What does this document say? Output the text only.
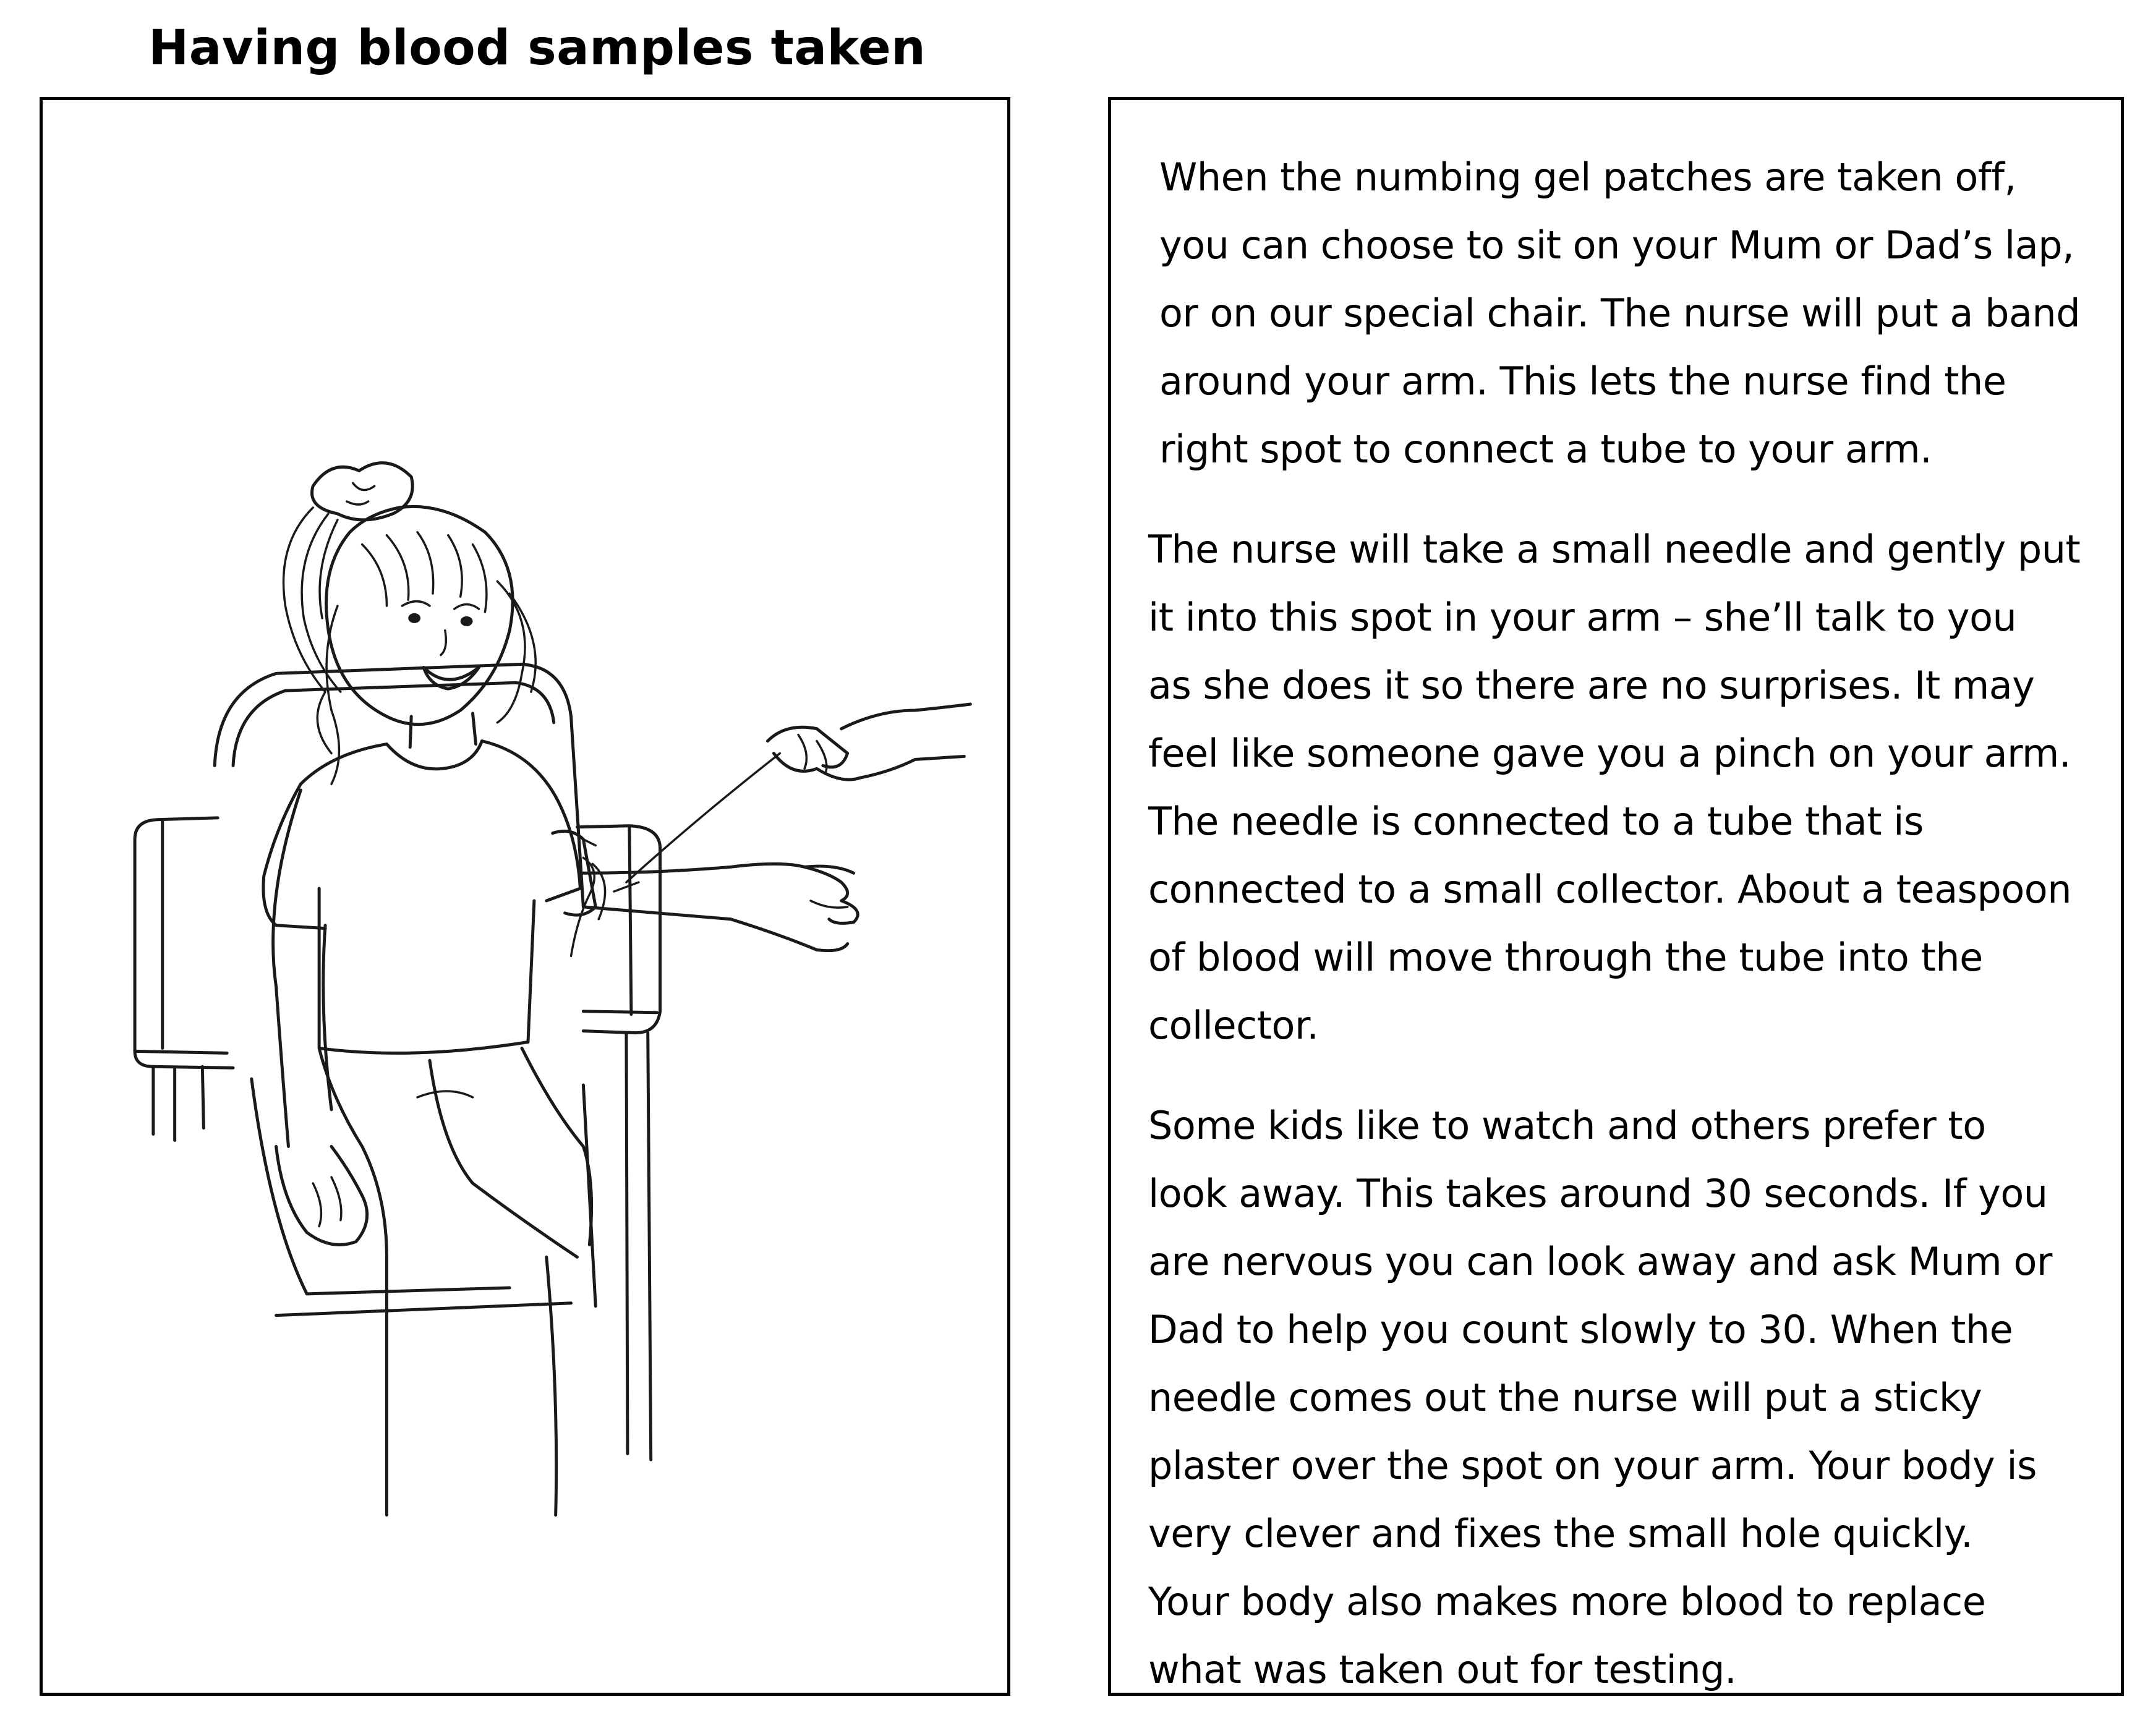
Having blood samples taken

When the numbing gel patches are taken off,
you can choose to sit on your Mum or Dad’s lap,
or on our special chair. The nurse will put a band
around your arm. This lets the nurse find the
right spot to connect a tube to your arm.

The nurse will take a small needle and gently put
it into this spot in your arm – she’ll talk to you
as she does it so there are no surprises. It may
feel like someone gave you a pinch on your arm.
The needle is connected to a tube that is
connected to a small collector. About a teaspoon
of blood will move through the tube into the
collector.

Some kids like to watch and others prefer to
look away. This takes around 30 seconds. If you
are nervous you can look away and ask Mum or
Dad to help you count slowly to 30. When the
needle comes out the nurse will put a sticky
plaster over the spot on your arm. Your body is
very clever and fixes the small hole quickly.
Your body also makes more blood to replace
what was taken out for testing.
